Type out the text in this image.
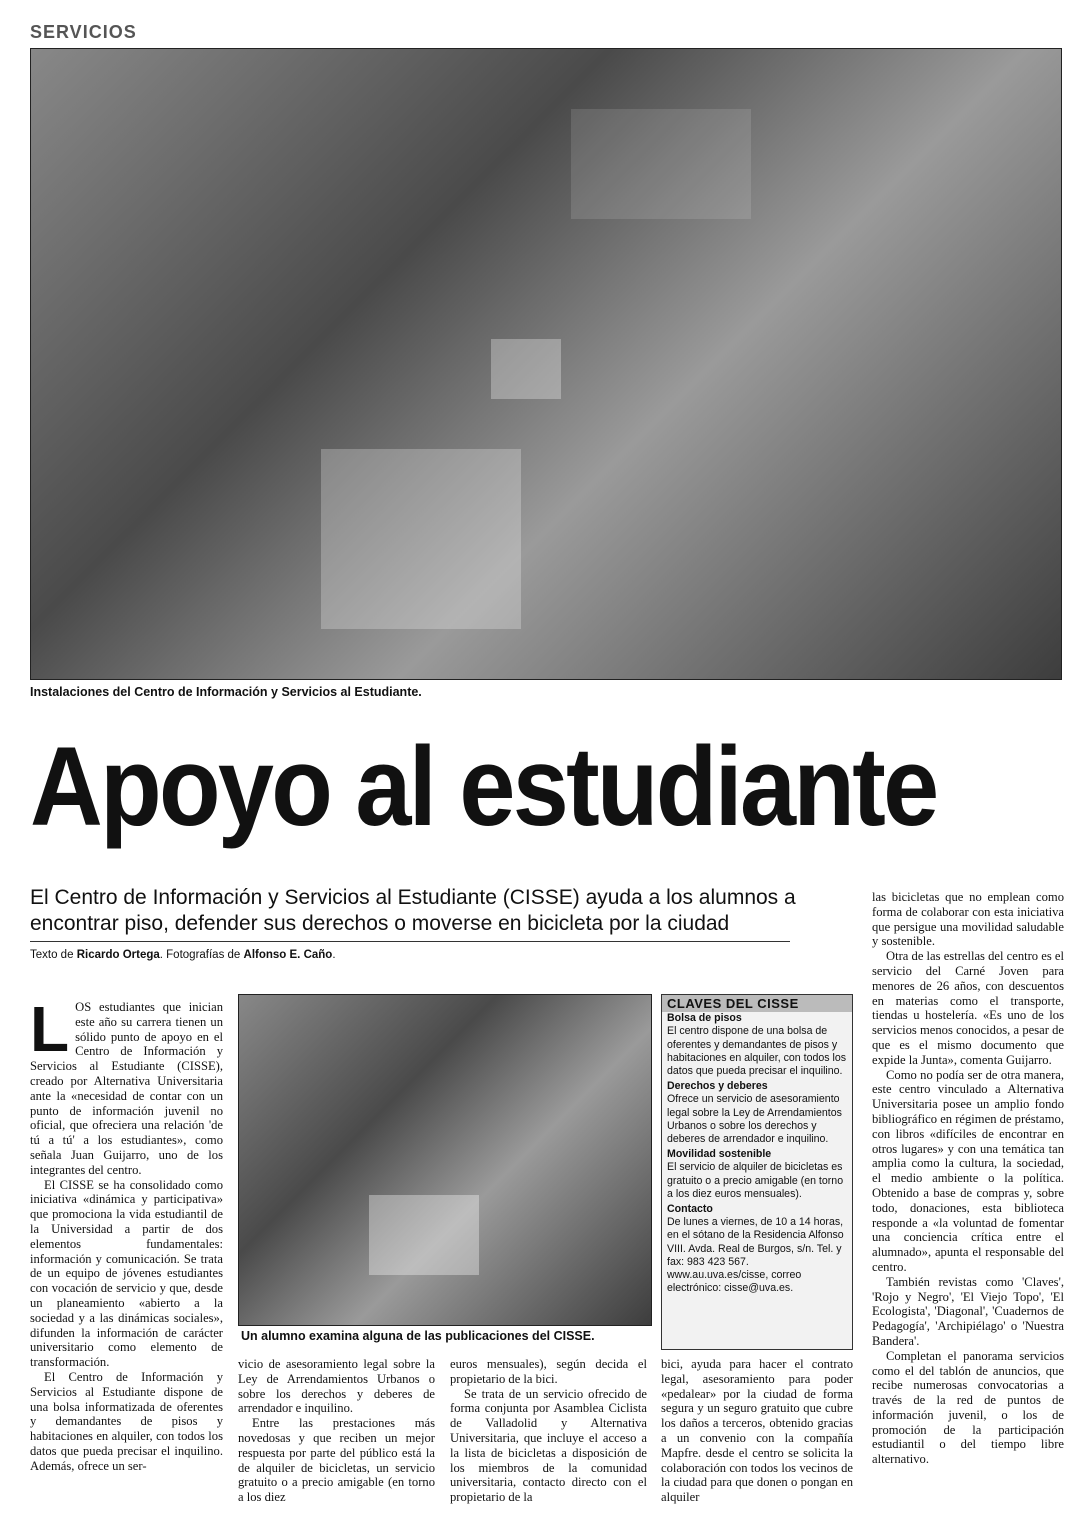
SERVICIOS
Instalaciones del Centro de Información y Servicios al Estudiante.
Apoyo al estudiante
El Centro de Información y Servicios al Estudiante (CISSE) ayuda a los alumnos a encontrar piso, defender sus derechos o moverse en bicicleta por la ciudad
Texto de Ricardo Ortega. Fotografías de Alfonso E. Caño.
Un alumno examina alguna de las publicaciones del CISSE.
CLAVES DEL CISSE
Bolsa de pisos
El centro dispone de una bolsa de oferentes y demandantes de pisos y habitaciones en alquiler, con todos los datos que pueda precisar el inquilino.
Derechos y deberes
Ofrece un servicio de asesoramiento legal sobre la Ley de Arrendamientos Urbanos o sobre los derechos y deberes de arrendador e inquilino.
Movilidad sostenible
El servicio de alquiler de bicicletas es gratuito o a precio amigable (en torno a los diez euros mensuales).
Contacto
De lunes a viernes, de 10 a 14 horas, en el sótano de la Residencia Alfonso VIII. Avda. Real de Burgos, s/n. Tel. y fax: 983 423 567. www.au.uva.es/cisse, correo electrónico: cisse@uva.es.

LOS estudiantes que inician este año su carrera tienen un sólido punto de apoyo en el Centro de Información y Servicios al Estudiante (CISSE), creado por Alternativa Universitaria ante la «necesidad de contar con un punto de información juvenil no oficial, que ofreciera una relación 'de tú a tú' a los estudiantes», como señala Juan Guijarro, uno de los integrantes del centro.

El CISSE se ha consolidado como iniciativa «dinámica y participativa» que promociona la vida estudiantil de la Universidad a partir de dos elementos fundamentales: información y comunicación. Se trata de un equipo de jóvenes estudiantes con vocación de servicio y que, desde un planeamiento «abierto a la sociedad y a las dinámicas sociales», difunden la información de carácter universitario como elemento de transformación.

El Centro de Información y Servicios al Estudiante dispone de una bolsa informatizada de oferentes y demandantes de pisos y habitaciones en alquiler, con todos los datos que pueda precisar el inquilino. Además, ofrece un ser-

vicio de asesoramiento legal sobre la Ley de Arrendamientos Urbanos o sobre los derechos y deberes de arrendador e inquilino.

Entre las prestaciones más novedosas y que reciben un mejor respuesta por parte del público está la de alquiler de bicicletas, un servicio gratuito o a precio amigable (en torno a los diez

euros mensuales), según decida el propietario de la bici.

Se trata de un servicio ofrecido de forma conjunta por Asamblea Ciclista de Valladolid y Alternativa Universitaria, que incluye el acceso a la lista de bicicletas a disposición de los miembros de la comunidad universitaria, contacto directo con el propietario de la

bici, ayuda para hacer el contrato legal, asesoramiento para poder «pedalear» por la ciudad de forma segura y un seguro gratuito que cubre los daños a terceros, obtenido gracias a un convenio con la compañía Mapfre. desde el centro se solicita la colaboración con todos los vecinos de la ciudad para que donen o pongan en alquiler

las bicicletas que no emplean como forma de colaborar con esta iniciativa que persigue una movilidad saludable y sostenible.

Otra de las estrellas del centro es el servicio del Carné Joven para menores de 26 años, con descuentos en materias como el transporte, tiendas u hostelería. «Es uno de los servicios menos conocidos, a pesar de que es el mismo documento que expide la Junta», comenta Guijarro.

Como no podía ser de otra manera, este centro vinculado a Alternativa Universitaria posee un amplio fondo bibliográfico en régimen de préstamo, con libros «difíciles de encontrar en otros lugares» y con una temática tan amplia como la cultura, la sociedad, el medio ambiente o la política. Obtenido a base de compras y, sobre todo, donaciones, esta biblioteca responde a «la voluntad de fomentar una conciencia crítica entre el alumnado», apunta el responsable del centro.

También revistas como 'Claves', 'Rojo y Negro', 'El Viejo Topo', 'El Ecologista', 'Diagonal', 'Cuadernos de Pedagogía', 'Archipiélago' o 'Nuestra Bandera'.

Completan el panorama servicios como el del tablón de anuncios, que recibe numerosas convocatorias a través de la red de puntos de información juvenil, o los de promoción de la participación estudiantil o del tiempo libre alternativo.
